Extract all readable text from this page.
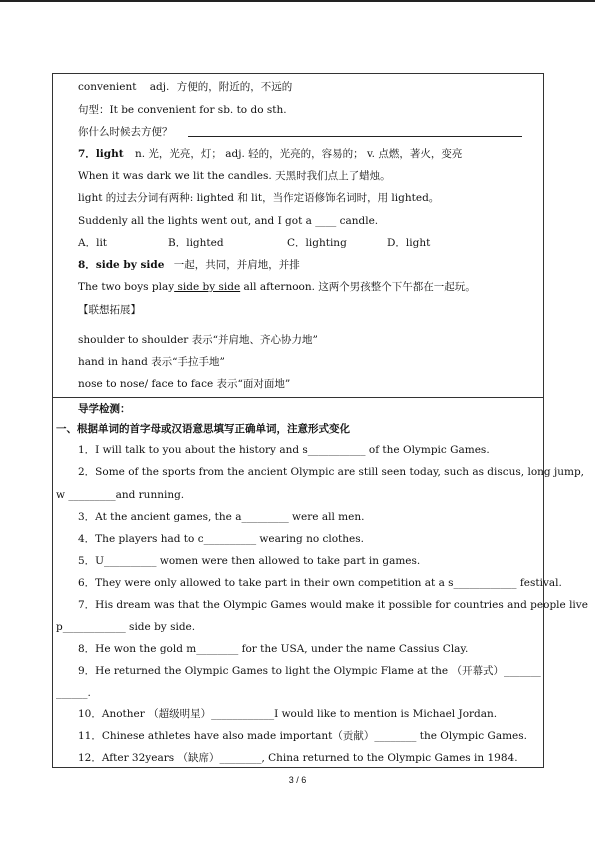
convenient adj. 方便的，附近的，不远的
句型：It be convenient for sb. to do sth.
你什么时候去方便？
7．light n. 光，光亮，灯； adj. 轻的，光亮的，容易的； v. 点燃，著火，变亮
When it was dark we lit the candles. 天黑时我们点上了蜡烛。
light 的过去分词有两种: lighted 和 lit，当作定语修饰名词时，用 lighted。
Suddenly all the lights went out, and I got a ____ candle.
A．lit	B．lighted	C．lighting	D．light
8．side by side 一起，共同，并肩地，并排
The two boys play side by side all afternoon. 这两个男孩整个下午都在一起玩。
【联想拓展】
shoulder to shoulder 表示“并肩地、齐心协力地”
hand in hand 表示“手拉手地”
nose to nose/ face to face 表示“面对面地”
导学检测：
一、根据单词的首字母或汉语意思填写正确单词，注意形式变化
1．I will talk to you about the history and s___________ of the Olympic Games.
2．Some of the sports from the ancient Olympic are still seen today, such as discus, long jump,
w _________and running.
3．At the ancient games, the a_________ were all men.
4．The players had to c__________ wearing no clothes.
5．U__________ women were then allowed to take part in games.
6．They were only allowed to take part in their own competition at a s____________ festival.
7．His dream was that the Olympic Games would make it possible for countries and people live
p____________ side by side.
8．He won the gold m________ for the USA, under the name Cassius Clay.
9．He returned the Olympic Games to light the Olympic Flame at the （开幕式）_______
______.
10．Another （超级明星）____________I would like to mention is Michael Jordan.
11．Chinese athletes have also made important（贡献）________ the Olympic Games.
12．After 32years （缺席）________, China returned to the Olympic Games in 1984.
3 / 6
